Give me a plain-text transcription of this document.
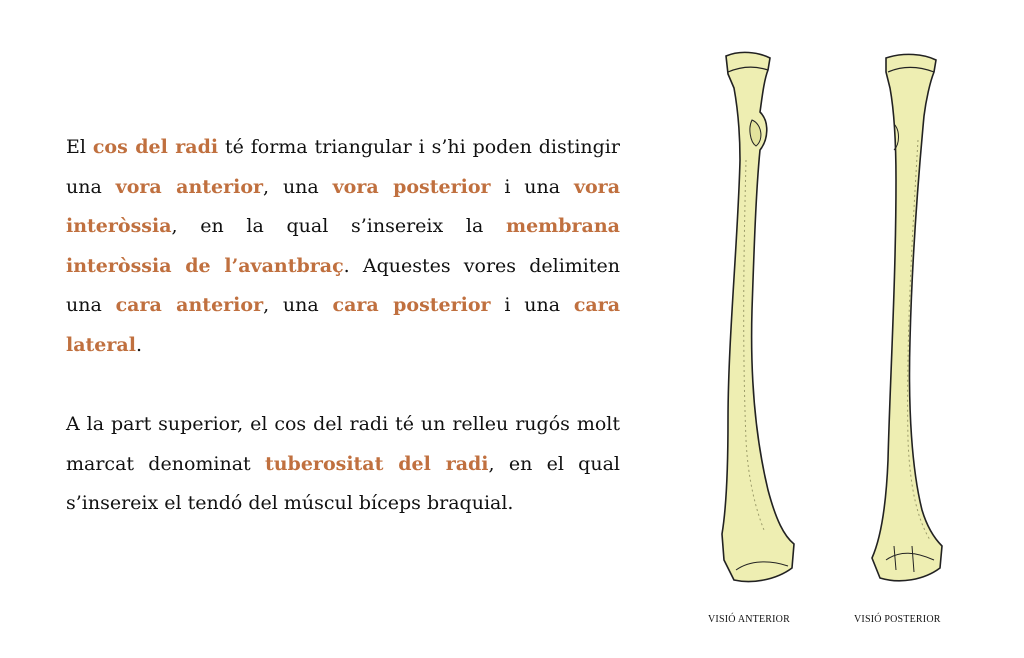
El cos del radi té forma triangular i s’hi poden distingir una vora anterior, una vora posterior i una vora interòssia, en la qual s’insereix la membrana interòssia de l’avantbraç. Aquestes vores delimiten una cara anterior, una cara posterior i una cara lateral.

A la part superior, el cos del radi té un relleu rugós molt marcat denominat tuberositat del radi, en el qual s’insereix el tendó del múscul bíceps braquial.

VISIÓ ANTERIOR	VISIÓ POSTERIOR
